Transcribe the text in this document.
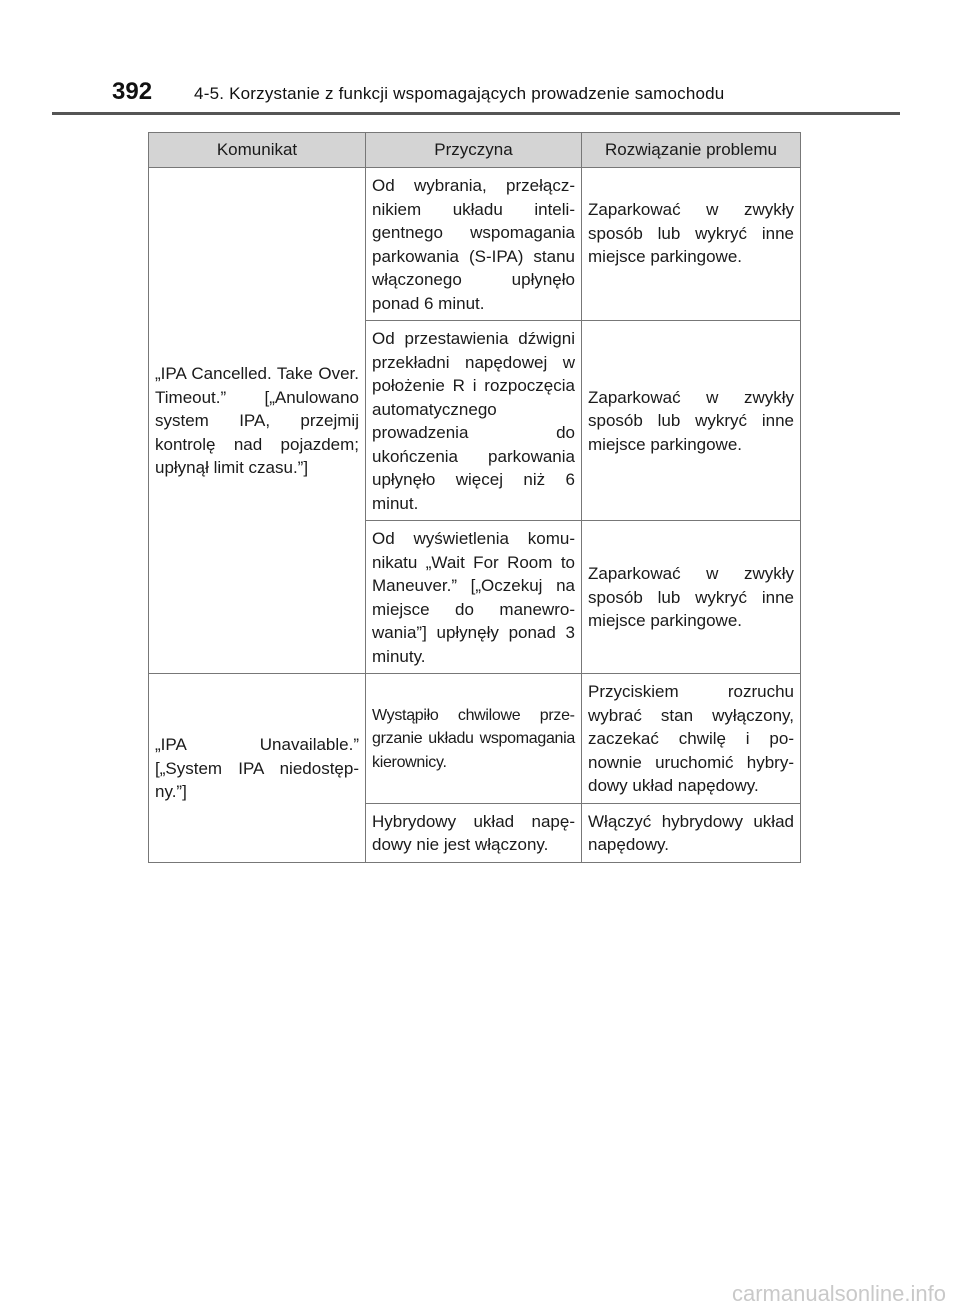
392 4-5. Korzystanie z funkcji wspomagających prowadzenie samochodu
Komunikat	Przyczyna	Rozwiązanie problemu
„IPA Cancelled. Take Over. Timeout.” [„Anulowano system IPA, przejmij kontrolę nad pojazdem; upłynął limit czasu.”]	Od wybrania, przełącznikiem układu inteligentnego wspomagania parkowania (S-IPA) stanu włączonego upłynęło ponad 6 minut.	Zaparkować w zwykły sposób lub wykryć inne miejsce parkingowe.
	Od przestawienia dźwigni przekładni napędowej w położenie R i rozpoczęcia automatycznego prowadzenia do ukończenia parkowania upłynęło więcej niż 6 minut.	Zaparkować w zwykły sposób lub wykryć inne miejsce parkingowe.
	Od wyświetlenia komunikatu „Wait For Room to Maneuver.” [„Oczekuj na miejsce do manewrowania”] upłynęły ponad 3 minuty.	Zaparkować w zwykły sposób lub wykryć inne miejsce parkingowe.
„IPA Unavailable.” [„System IPA niedostępny.”]	Wystąpiło chwilowe przegrzanie układu wspomagania kierownicy.	Przyciskiem rozruchu wybrać stan wyłączony, zaczekać chwilę i ponownie uruchomić hybrydowy układ napędowy.
	Hybrydowy układ napędowy nie jest włączony.	Włączyć hybrydowy układ napędowy.
carmanualsonline.info
